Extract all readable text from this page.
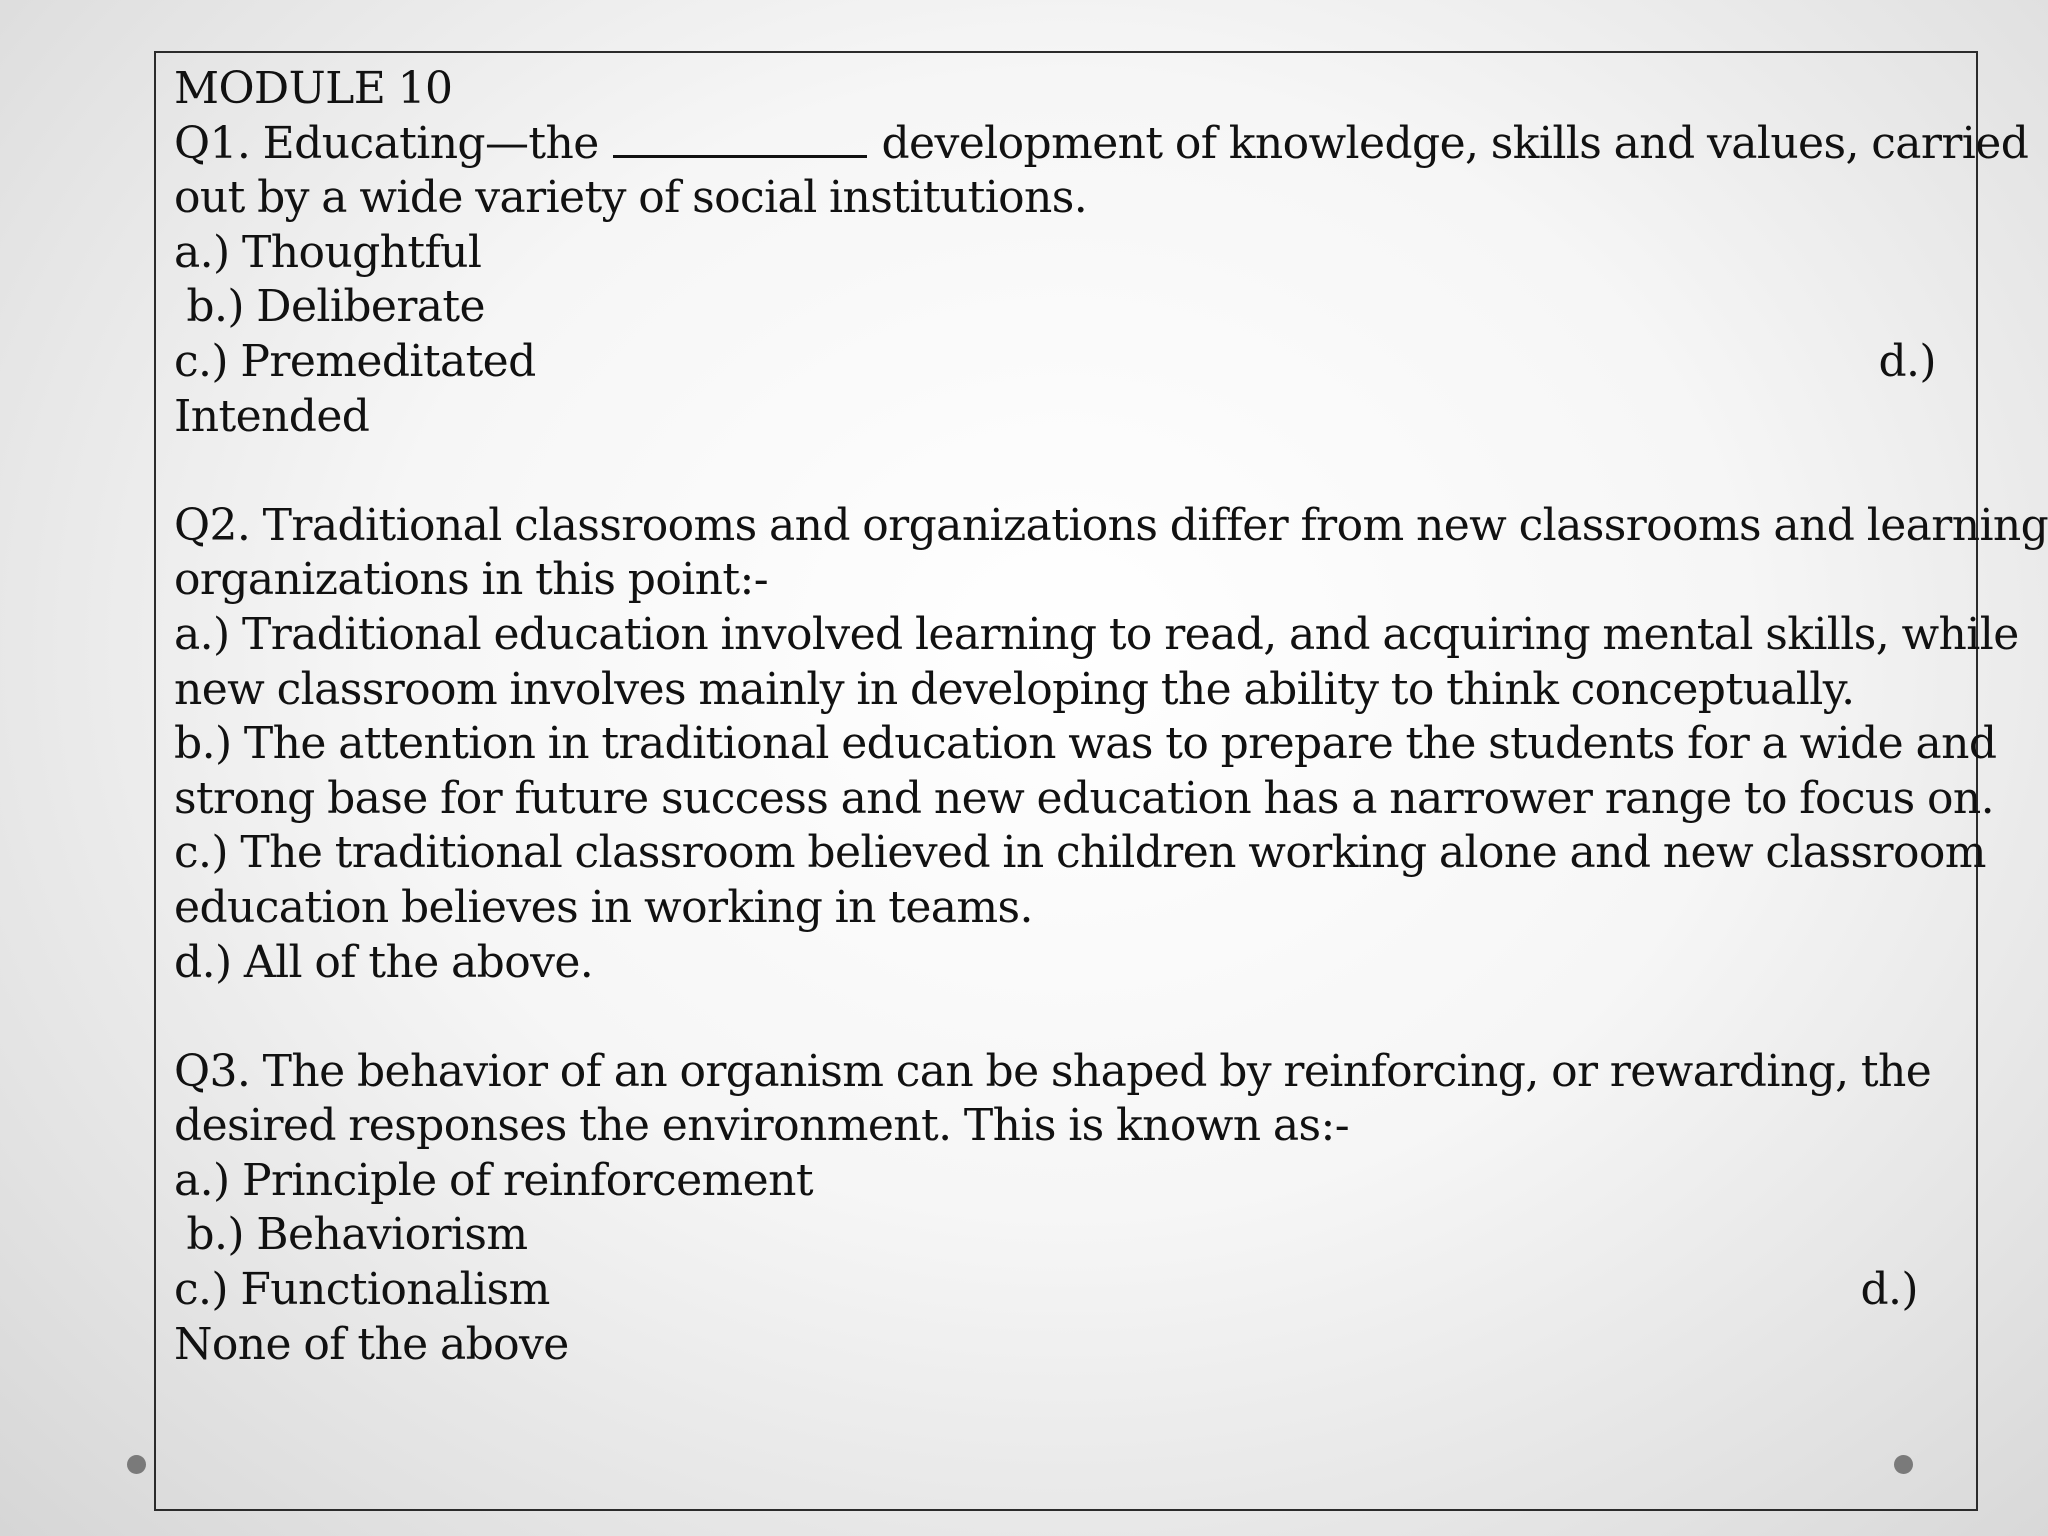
MODULE 10
Q1. Educating—the	development of knowledge, skills and values, carried
out by a wide variety of social institutions.
a.) Thoughtful
b.) Deliberate
c.) Premeditated	d.)
Intended
Q2. Traditional classrooms and organizations differ from new classrooms and learning
organizations in this point:-
a.) Traditional education involved learning to read, and acquiring mental skills, while
new classroom involves mainly in developing the ability to think conceptually.
b.) The attention in traditional education was to prepare the students for a wide and
strong base for future success and new education has a narrower range to focus on.
c.) The traditional classroom believed in children working alone and new classroom
education believes in working in teams.
d.) All of the above.
Q3. The behavior of an organism can be shaped by reinforcing, or rewarding, the
desired responses the environment. This is known as:-
a.) Principle of reinforcement
b.) Behaviorism
c.) Functionalism	d.)
None of the above
